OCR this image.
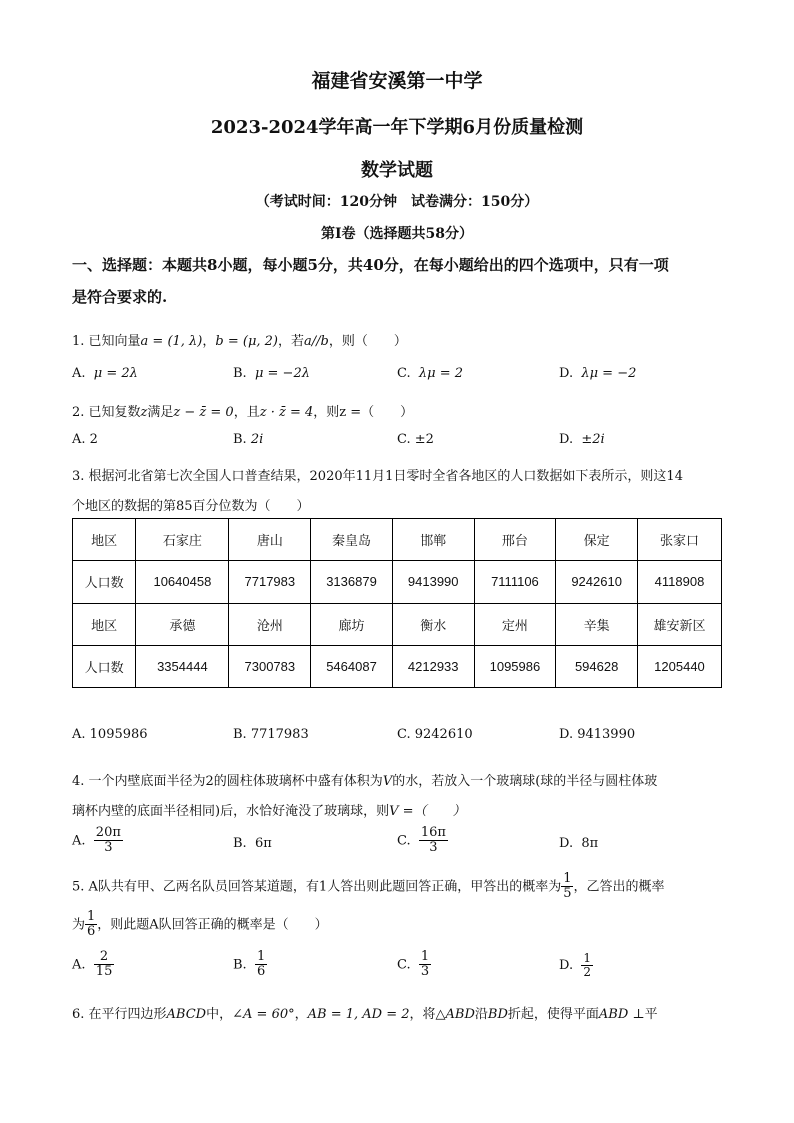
福建省安溪第一中学
2023-2024学年高一年下学期6月份质量检测
数学试题
（考试时间：120分钟　试卷满分：150分）
第Ⅰ卷（选择题共58分）
一、选择题：本题共8小题，每小题5分，共40分，在每小题给出的四个选项中，只有一项
是符合要求的.
1. 已知向量a = (1, λ)，b = (μ, 2)，若a//b，则（　　）
A. μ = 2λ	B. μ = −2λ	C. λμ = 2	D. λμ = −2
2. 已知复数z满足z − z̄ = 0，且z · z̄ = 4，则z =（　　）
A. 2	B. 2i	C. ±2	D. ±2i
3. 根据河北省第七次全国人口普查结果，2020年11月1日零时全省各地区的人口数据如下表所示，则这14
个地区的数据的第85百分位数为（　　）
地区	石家庄	唐山	秦皇岛	邯郸	邢台	保定	张家口
人口数	10640458	7717983	3136879	9413990	7111106	9242610	4118908
地区	承德	沧州	廊坊	衡水	定州	辛集	雄安新区
人口数	3354444	7300783	5464087	4212933	1095986	594628	1205440
A. 1095986	B. 7717983	C. 9242610	D. 9413990
4. 一个内壁底面半径为2的圆柱体玻璃杯中盛有体积为V的水，若放入一个玻璃球(球的半径与圆柱体玻
璃杯内壁的底面半径相同)后，水恰好淹没了玻璃球，则V =（　　）
A. $\frac{20\pi}{3}$	B. 6π	C. $\frac{16\pi}{3}$	D. 8π
5. A队共有甲、乙两名队员回答某道题，有1人答出则此题回答正确，甲答出的概率为 $\frac{1}{5}$ ，乙答出的概率
为 $\frac{1}{6}$ ，则此题A队回答正确的概率是（　　）
A. $\frac{2}{15}$	B. $\frac{1}{6}$	C. $\frac{1}{3}$	D. $\frac{1}{2}$
6. 在平行四边形ABCD中，∠A = 60°，AB = 1, AD = 2，将△ABD沿BD折起，使得平面ABD ⊥平
